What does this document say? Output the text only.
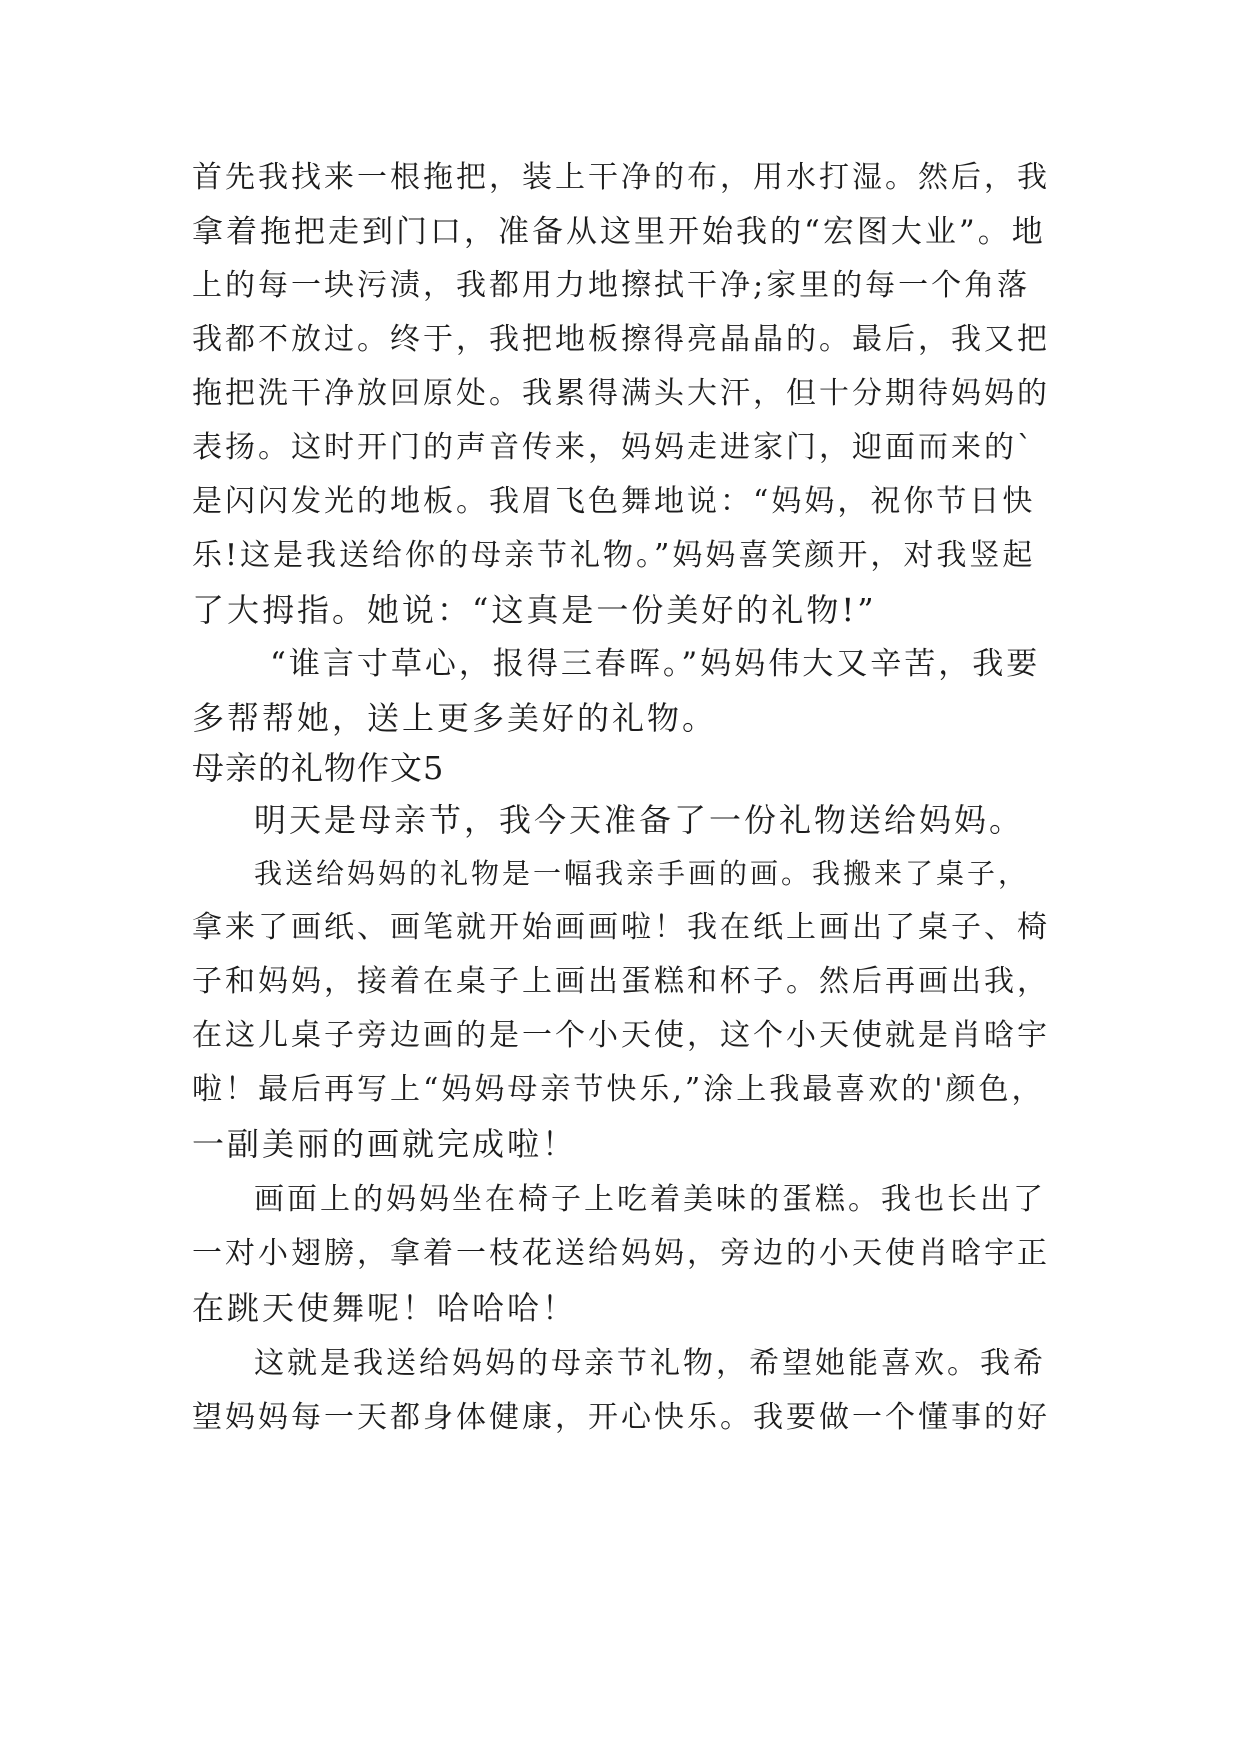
首先我找来一根拖把，装上干净的布，用水打湿。然后，我
拿着拖把走到门口，准备从这里开始我的“宏图大业”。地
上的每一块污渍，我都用力地擦拭干净;家里的每一个角落
我都不放过。终于，我把地板擦得亮晶晶的。最后，我又把
拖把洗干净放回原处。我累得满头大汗，但十分期待妈妈的
表扬。这时开门的声音传来，妈妈走进家门，迎面而来的`
是闪闪发光的地板。我眉飞色舞地说：“妈妈，祝你节日快
乐!这是我送给你的母亲节礼物。”妈妈喜笑颜开，对我竖起
了大拇指。她说：“这真是一份美好的礼物!”
“谁言寸草心，报得三春晖。”妈妈伟大又辛苦，我要
多帮帮她，送上更多美好的礼物。
母亲的礼物作文5
明天是母亲节，我今天准备了一份礼物送给妈妈。
我送给妈妈的礼物是一幅我亲手画的画。我搬来了桌子，
拿来了画纸、画笔就开始画画啦！我在纸上画出了桌子、椅
子和妈妈，接着在桌子上画出蛋糕和杯子。然后再画出我，
在这儿桌子旁边画的是一个小天使，这个小天使就是肖晗宇
啦！最后再写上“妈妈母亲节快乐,”涂上我最喜欢的'颜色，
一副美丽的画就完成啦！
画面上的妈妈坐在椅子上吃着美味的蛋糕。我也长出了
一对小翅膀，拿着一枝花送给妈妈，旁边的小天使肖晗宇正
在跳天使舞呢！哈哈哈！
这就是我送给妈妈的母亲节礼物，希望她能喜欢。我希
望妈妈每一天都身体健康，开心快乐。我要做一个懂事的好
